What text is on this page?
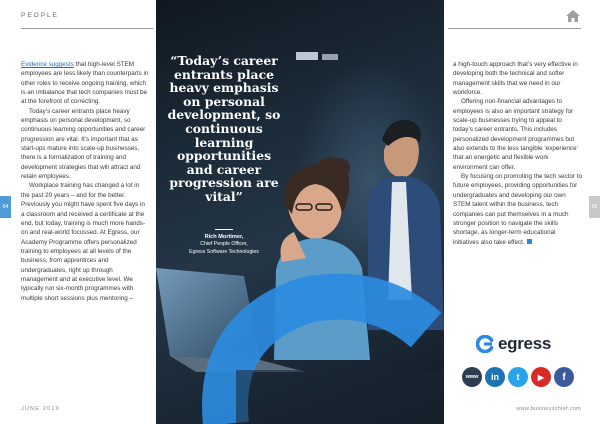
PEOPLE

Evidence suggests that high-level STEM employees are less likely than counterparts in other roles to receive ongoing training, which is an imbalance that tech companies must be at the forefront of correcting.

Today’s career entrants place heavy emphasis on personal development, so continuous learning opportunities and career progression are vital. It’s important that as start-ups mature into scale-up businesses, there is a formalization of training and development strategies that will attract and retain employees.

Workplace training has changed a lot in the past 20 years – and for the better. Previously you might have spent five days in a classroom and received a certificate at the end, but today, training is much more hands-on and real-world focussed. At Egress, our Academy Programme offers personalized training to employees at all levels of the business, from apprentices and undergraduates, right up through management and at executive level. We typically run six-month programmes with multiple short sessions plus mentoring –

“Today’s career entrants place heavy emphasis on personal development, so continuous learning opportunities and career progression are vital”
Rich Mortimer,
Chief People Officer,
Egress Software Technologies

a high-touch approach that’s very effective in developing both the technical and softer management skills that we need in our workforce.

Offering non-financial advantages to employees is also an important strategy for scale-up businesses trying to appeal to today’s career entrants. This includes personalized development programmes but also extends to the less tangible ‘experience’ that an energetic and flexible work environment can offer.

By focusing on promoting the tech sector to future employees, providing opportunities for undergraduates and developing our own STEM talent within the business, tech companies can put themselves in a much stronger position to navigate the skills shortage, as longer-term educational initiatives also take effect.

64	65
egress
www	in	t	▶	f
JUNE 2019	www.businesschief.com
